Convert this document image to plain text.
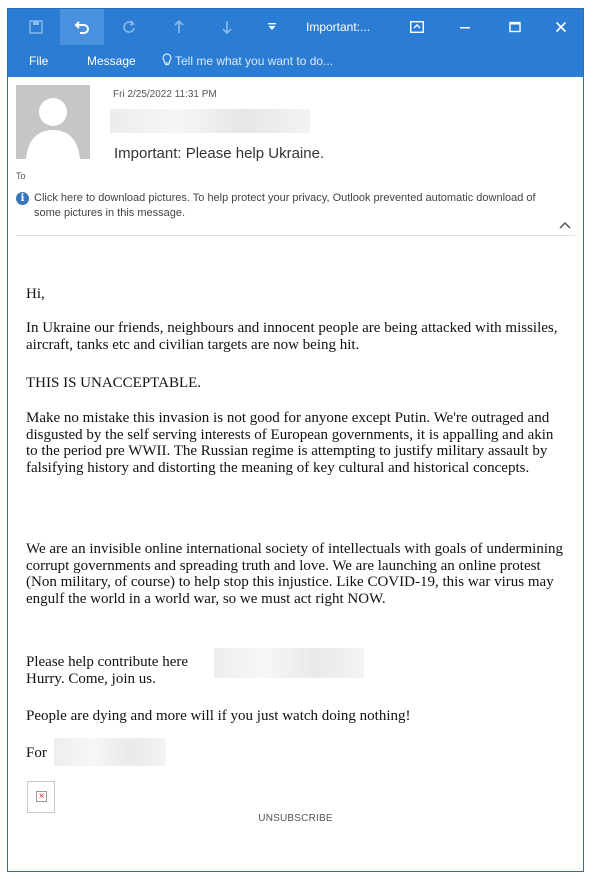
Important:...
File	Message	Tell me what you want to do...
Fri 2/25/2022 11:31 PM
Important: Please help Ukraine.
To
i Click here to download pictures. To help protect your privacy, Outlook prevented automatic download of some pictures in this message.

Hi,

In Ukraine our friends, neighbours and innocent people are being attacked with missiles, aircraft, tanks etc and civilian targets are now being hit.

THIS IS UNACCEPTABLE.

Make no mistake this invasion is not good for anyone except Putin. We're outraged and disgusted by the self serving interests of European governments, it is appalling and akin to the period pre WWII. The Russian regime is attempting to justify military assault by falsifying history and distorting the meaning of key cultural and historical concepts.

We are an invisible online international society of intellectuals with goals of undermining corrupt governments and spreading truth and love. We are launching an online protest (Non military, of course) to help stop this injustice. Like COVID-19, this war virus may engulf the world in a world war, so we must act right NOW.

Please help contribute here

Hurry. Come, join us.

People are dying and more will if you just watch doing nothing!

For

×
UNSUBSCRIBE
